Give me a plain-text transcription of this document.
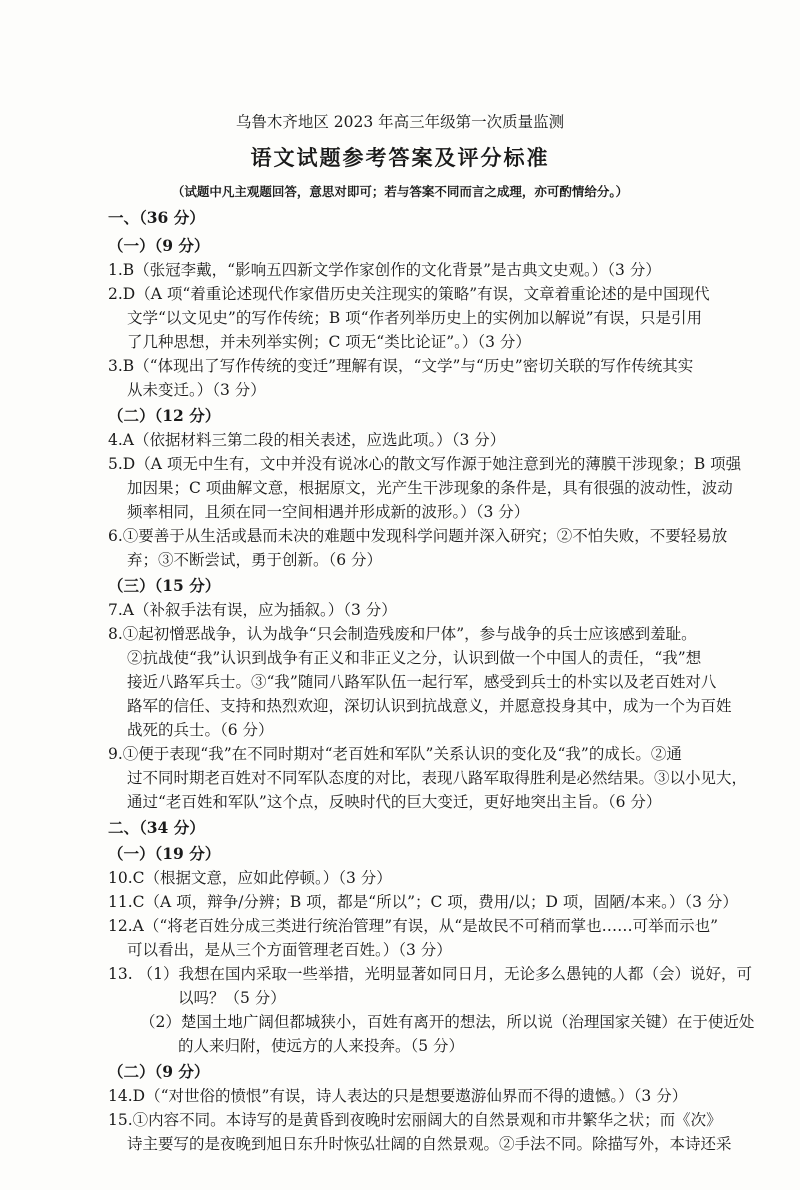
乌鲁木齐地区 2023 年高三年级第一次质量监测
语文试题参考答案及评分标准
（试题中凡主观题回答，意思对即可；若与答案不同而言之成理，亦可酌情给分。）
一、（36 分）
（一）（9 分）
1.B（张冠李戴，“影响五四新文学作家创作的文化背景”是古典文史观。）（3 分）
2.D（A 项“着重论述现代作家借历史关注现实的策略”有误，文章着重论述的是中国现代
文学“以文见史”的写作传统；B 项“作者列举历史上的实例加以解说”有误，只是引用
了几种思想，并未列举实例；C 项无“类比论证”。）（3 分）
3.B（“体现出了写作传统的变迁”理解有误，“文学”与“历史”密切关联的写作传统其实
从未变迁。）（3 分）
（二）（12 分）
4.A（依据材料三第二段的相关表述，应选此项。）（3 分）
5.D（A 项无中生有，文中并没有说冰心的散文写作源于她注意到光的薄膜干涉现象；B 项强
加因果；C 项曲解文意，根据原文，光产生干涉现象的条件是，具有很强的波动性，波动
频率相同，且须在同一空间相遇并形成新的波形。）（3 分）
6.①要善于从生活或悬而未决的难题中发现科学问题并深入研究；②不怕失败，不要轻易放
弃；③不断尝试，勇于创新。（6 分）
（三）（15 分）
7.A（补叙手法有误，应为插叙。）（3 分）
8.①起初憎恶战争，认为战争“只会制造残废和尸体”，参与战争的兵士应该感到羞耻。
②抗战使“我”认识到战争有正义和非正义之分，认识到做一个中国人的责任，“我”想
接近八路军兵士。③“我”随同八路军队伍一起行军，感受到兵士的朴实以及老百姓对八
路军的信任、支持和热烈欢迎，深切认识到抗战意义，并愿意投身其中，成为一个为百姓
战死的兵士。（6 分）
9.①便于表现“我”在不同时期对“老百姓和军队”关系认识的变化及“我”的成长。②通
过不同时期老百姓对不同军队态度的对比，表现八路军取得胜利是必然结果。③以小见大，
通过“老百姓和军队”这个点，反映时代的巨大变迁，更好地突出主旨。（6 分）
二、（34 分）
（一）（19 分）
10.C（根据文意，应如此停顿。）（3 分）
11.C（A 项，辩争/分辨；B 项，都是“所以”；C 项，费用/以；D 项，固陋/本来。）（3 分）
12.A（“将老百姓分成三类进行统治管理”有误，从“是故民不可稍而掌也……可举而示也”
可以看出，是从三个方面管理老百姓。）（3 分）
13. （1）我想在国内采取一些举措，光明显著如同日月，无论多么愚钝的人都（会）说好，可
以吗？（5 分）
（2）楚国土地广阔但都城狭小，百姓有离开的想法，所以说（治理国家关键）在于使近处
的人来归附，使远方的人来投奔。（5 分）
（二）（9 分）
14.D（“对世俗的愤恨”有误，诗人表达的只是想要遨游仙界而不得的遗憾。）（3 分）
15.①内容不同。本诗写的是黄昏到夜晚时宏丽阔大的自然景观和市井繁华之状；而《次》
诗主要写的是夜晚到旭日东升时恢弘壮阔的自然景观。②手法不同。除描写外，本诗还采
